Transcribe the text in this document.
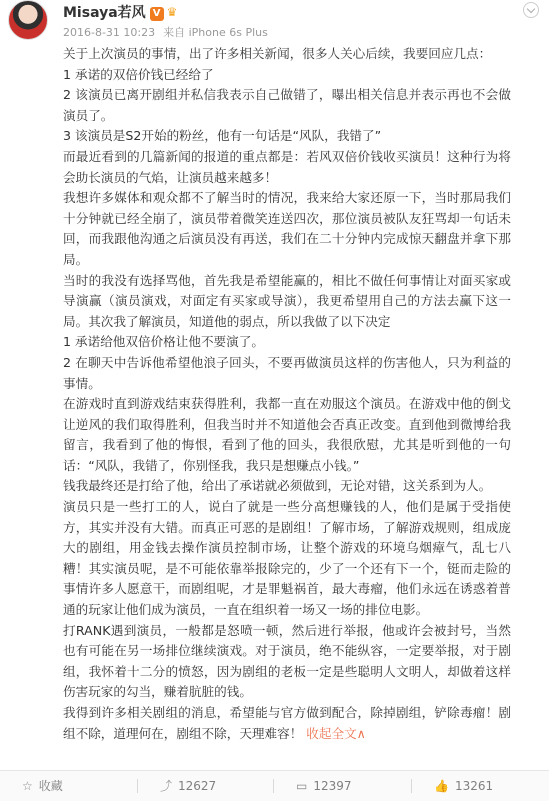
Misaya若风 V ♛
2016-8-31 10:23 来自 iPhone 6s Plus

关于上次演员的事情，出了许多相关新闻，很多人关心后续，我要回应几点：

1 承诺的双倍价钱已经给了

2 该演员已离开剧组并私信我表示自己做错了，曝出相关信息并表示再也不会做演员了。

3 该演员是S2开始的粉丝，他有一句话是“风队，我错了”

而最近看到的几篇新闻的报道的重点都是：若风双倍价钱收买演员！这种行为将会助长演员的气焰，让演员越来越多！

我想许多媒体和观众都不了解当时的情况，我来给大家还原一下，当时那局我们十分钟就已经全崩了，演员带着微笑连送四次，那位演员被队友狂骂却一句话未回，而我跟他沟通之后演员没有再送，我们在二十分钟内完成惊天翻盘并拿下那局。

当时的我没有选择骂他，首先我是希望能赢的，相比不做任何事情让对面买家或导演赢（演员演戏，对面定有买家或导演），我更希望用自己的方法去赢下这一局。其次我了解演员，知道他的弱点，所以我做了以下决定

1 承诺给他双倍价格让他不要演了。

2 在聊天中告诉他希望他浪子回头，不要再做演员这样的伤害他人，只为利益的事情。

在游戏时直到游戏结束获得胜利，我都一直在劝服这个演员。在游戏中他的倒戈让逆风的我们取得胜利，但我当时并不知道他会否真正改变。直到他到微博给我留言，我看到了他的悔恨，看到了他的回头，我很欣慰，尤其是听到他的一句话：“风队，我错了，你别怪我，我只是想赚点小钱。”

钱我最终还是打给了他，给出了承诺就必须做到，无论对错，这关系到为人。

演员只是一些打工的人，说白了就是一些分高想赚钱的人，他们是属于受指使方，其实并没有大错。而真正可恶的是剧组！了解市场，了解游戏规则，组成庞大的剧组，用金钱去操作演员控制市场，让整个游戏的环境乌烟瘴气，乱七八糟！其实演员呢，是不可能依靠举报除完的，少了一个还有下一个，铤而走险的事情许多人愿意干，而剧组呢，才是罪魁祸首，最大毒瘤，他们永远在诱惑着普通的玩家让他们成为演员，一直在组织着一场又一场的排位电影。

打RANK遇到演员，一般都是怒喷一顿，然后进行举报，他或许会被封号，当然也有可能在另一场排位继续演戏。对于演员，绝不能纵容，一定要举报，对于剧组，我怀着十二分的愤怒，因为剧组的老板一定是些聪明人文明人，却做着这样伤害玩家的勾当，赚着肮脏的钱。

我得到许多相关剧组的消息，希望能与官方做到配合，除掉剧组，铲除毒瘤！剧组不除，道理何在，剧组不除，天理难容！ 收起全文∧

☆ 收藏	⤴ 12627	▭ 12397	👍 13261
